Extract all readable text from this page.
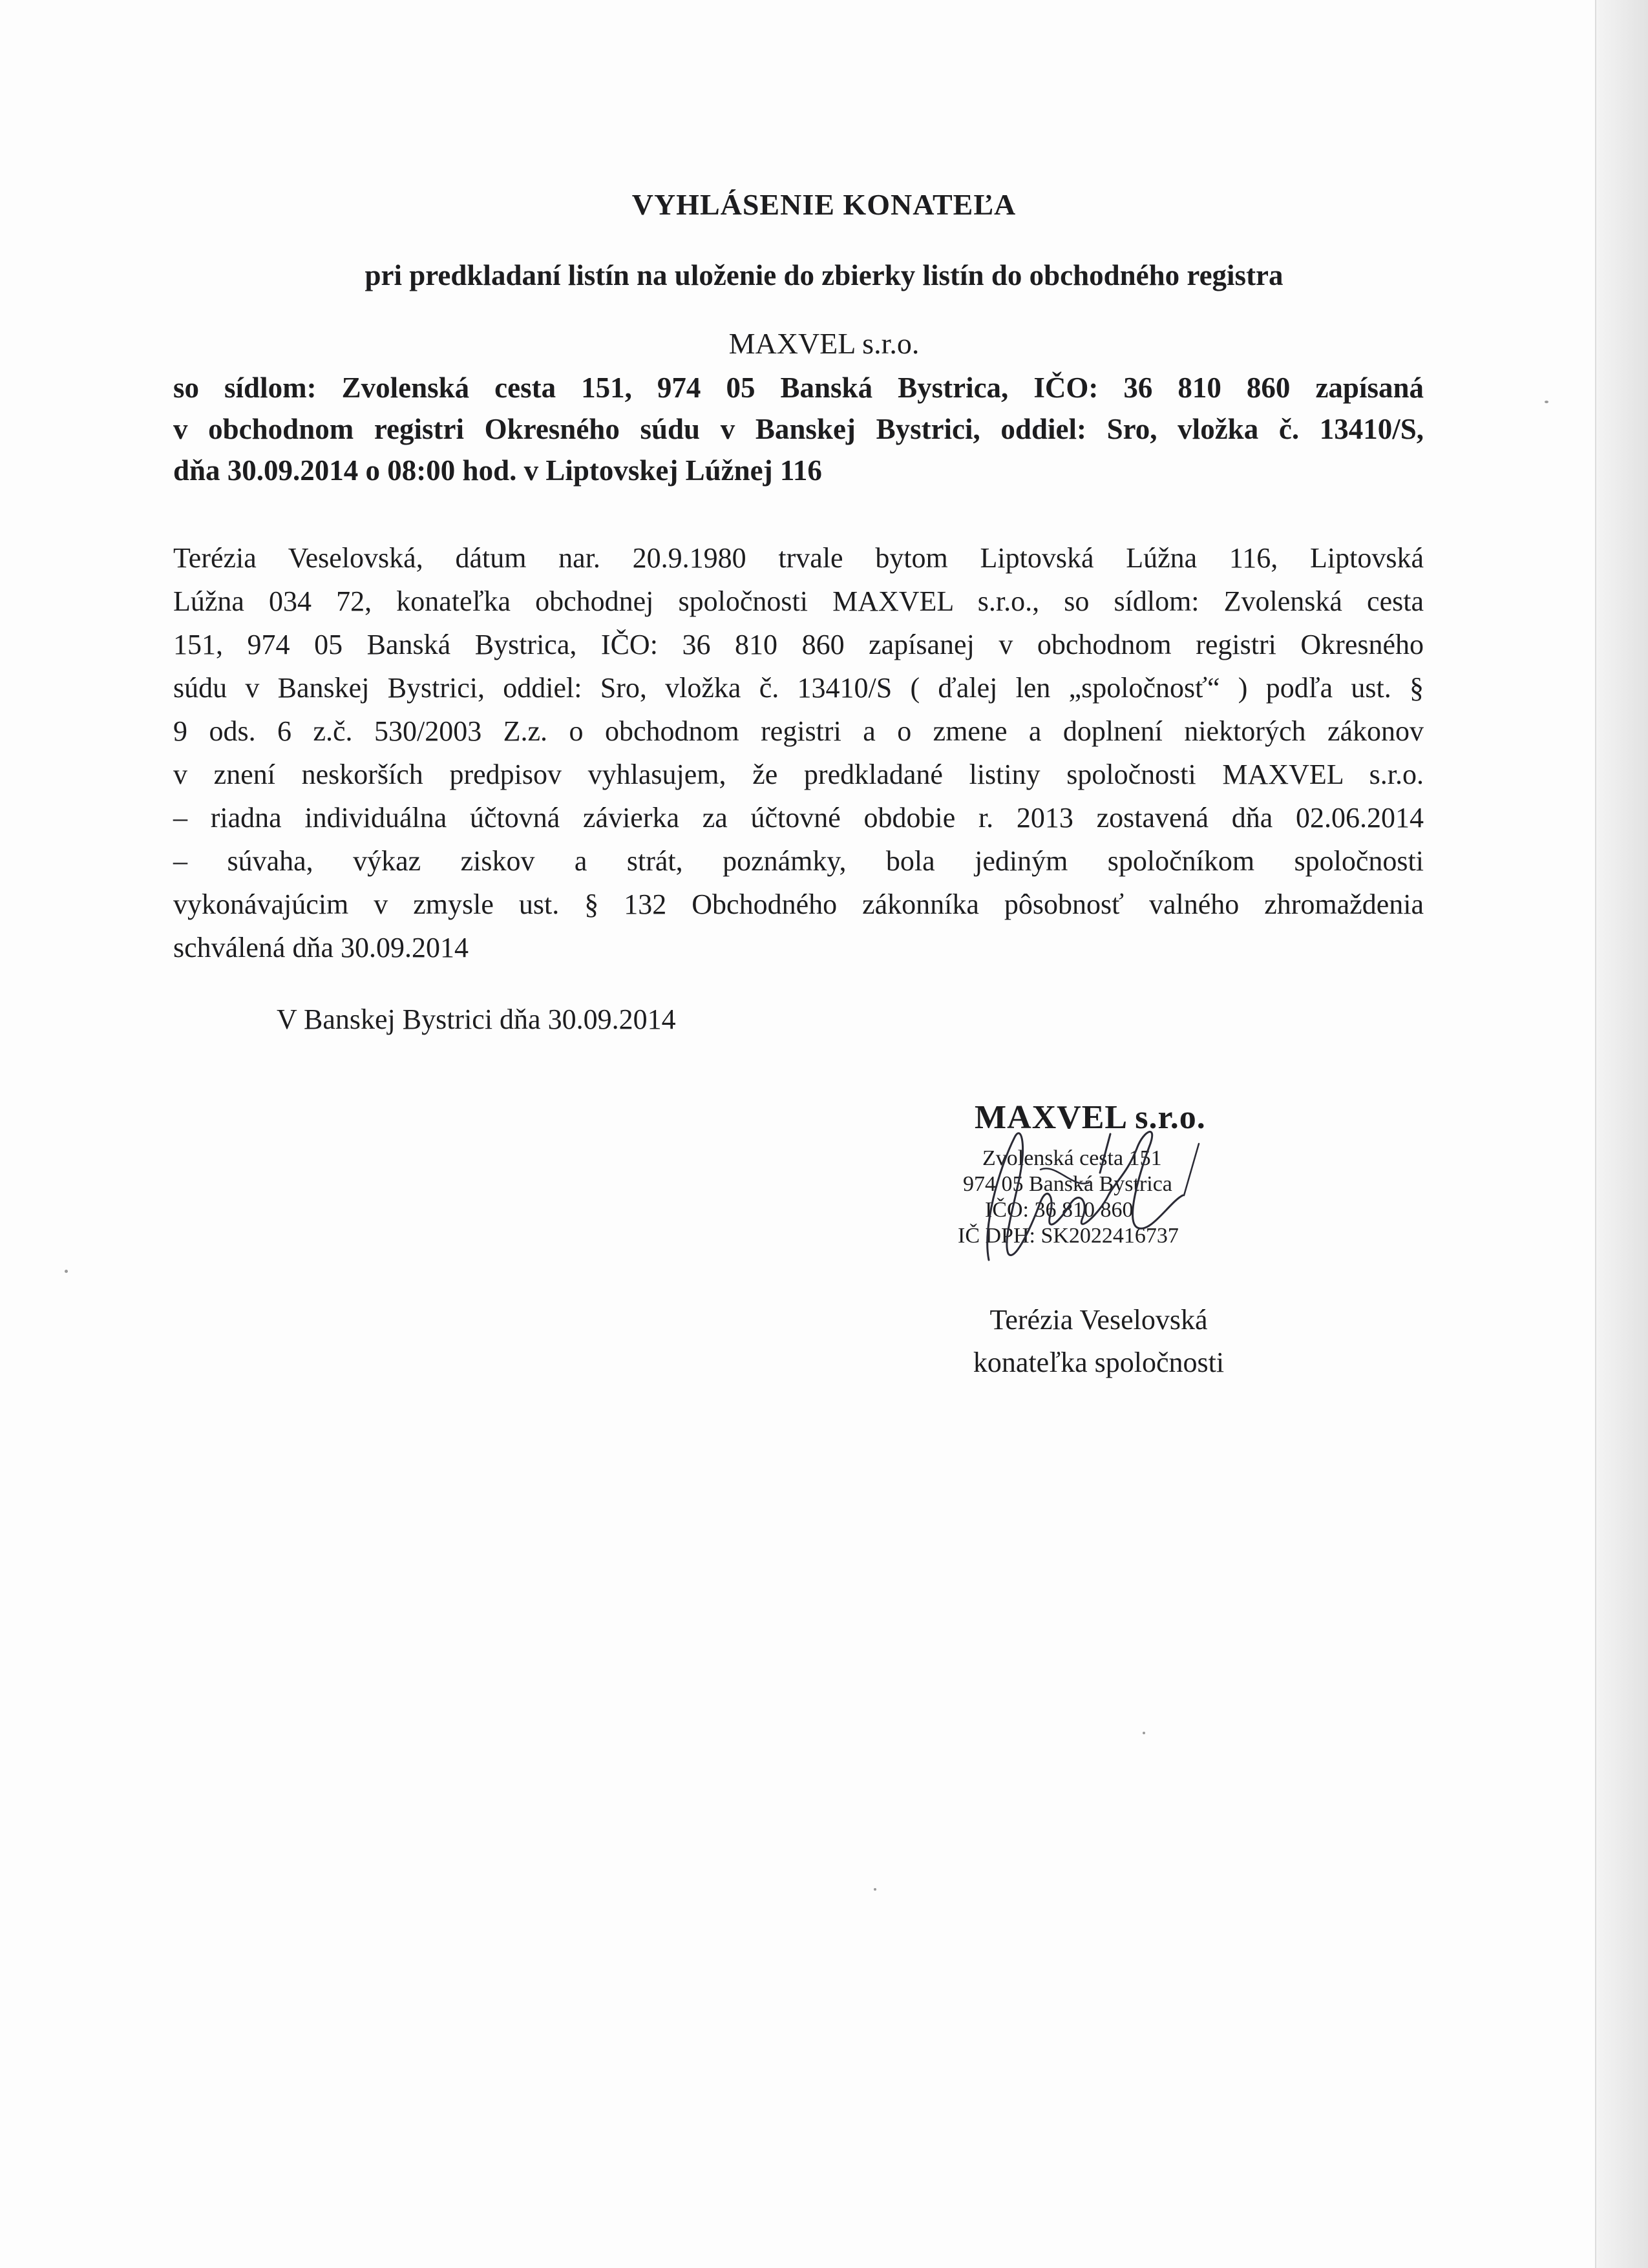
VYHLÁSENIE KONATEĽA
pri predkladaní listín na uloženie do zbierky listín do obchodného registra
MAXVEL s.r.o.
so sídlom: Zvolenská cesta 151, 974 05 Banská Bystrica, IČO: 36 810 860 zapísaná
v obchodnom registri Okresného súdu v Banskej Bystrici, oddiel: Sro, vložka č. 13410/S,
dňa 30.09.2014 o 08:00 hod. v Liptovskej Lúžnej 116
Terézia Veselovská, dátum nar. 20.9.1980 trvale bytom Liptovská Lúžna 116, Liptovská
Lúžna 034 72, konateľka obchodnej spoločnosti MAXVEL s.r.o., so sídlom: Zvolenská cesta
151, 974 05 Banská Bystrica, IČO: 36 810 860 zapísanej v obchodnom registri Okresného
súdu v Banskej Bystrici, oddiel: Sro, vložka č. 13410/S ( ďalej len „spoločnosť“ ) podľa ust. §
9 ods. 6 z.č. 530/2003 Z.z. o obchodnom registri a o zmene a doplnení niektorých zákonov
v znení neskorších predpisov vyhlasujem, že predkladané listiny spoločnosti MAXVEL s.r.o.
– riadna individuálna účtovná závierka za účtovné obdobie r. 2013 zostavená dňa 02.06.2014
– súvaha, výkaz ziskov a strát, poznámky, bola jediným spoločníkom spoločnosti
vykonávajúcim v zmysle ust. § 132 Obchodného zákonníka pôsobnosť valného zhromaždenia
schválená dňa 30.09.2014
V Banskej Bystrici dňa 30.09.2014
MAXVEL s.r.o.
Zvolenská cesta 151
974 05 Banská Bystrica
IČO: 36 810 860
IČ DPH: SK2022416737
Terézia Veselovská
konateľka spoločnosti
